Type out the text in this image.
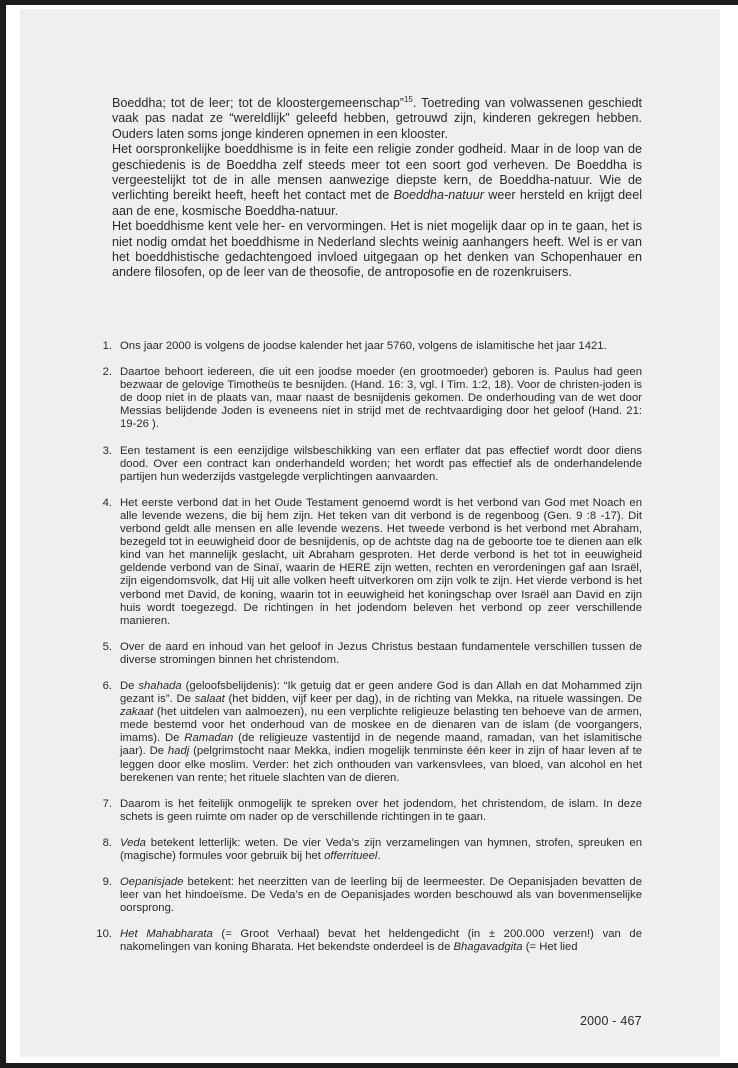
Boeddha; tot de leer; tot de kloostergemeenschap”$^{15}$. Toetreding van volwassenen geschiedt vaak pas nadat ze “wereldlijk” geleefd hebben, getrouwd zijn, kinderen gekregen hebben. Ouders laten soms jonge kinderen opnemen in een klooster.

Het oorspronkelijke boeddhisme is in feite een religie zonder godheid. Maar in de loop van de geschiedenis is de Boeddha zelf steeds meer tot een soort god verheven. De Boeddha is vergeestelijkt tot de in alle mensen aanwezige diepste kern, de Boeddha-natuur. Wie de verlichting bereikt heeft, heeft het contact met de Boeddha-natuur weer hersteld en krijgt deel aan de ene, kosmische Boeddha-natuur.

Het boeddhisme kent vele her- en vervormingen. Het is niet mogelijk daar op in te gaan, het is niet nodig omdat het boeddhisme in Nederland slechts weinig aanhangers heeft. Wel is er van het boeddhistische gedachtengoed invloed uitgegaan op het denken van Schopenhauer en andere filosofen, op de leer van de theosofie, de antroposofie en de rozenkruisers.

1. Ons jaar 2000 is volgens de joodse kalender het jaar 5760, volgens de islamitische het jaar 1421.
2. Daartoe behoort iedereen, die uit een joodse moeder (en grootmoeder) geboren is. Paulus had geen bezwaar de gelovige Timotheüs te besnijden. (Hand. 16: 3, vgl. I Tim. 1:2, 18). Voor de christen-joden is de doop niet in de plaats van, maar naast de besnijdenis gekomen. De onderhouding van de wet door Messias belijdende Joden is eveneens niet in strijd met de rechtvaardiging door het geloof (Hand. 21: 19-26 ).
3. Een testament is een eenzijdige wilsbeschikking van een erflater dat pas effectief wordt door diens dood. Over een contract kan onderhandeld worden; het wordt pas effectief als de onderhandelende partijen hun wederzijds vastgelegde verplichtingen aanvaarden.
4. Het eerste verbond dat in het Oude Testament genoemd wordt is het verbond van God met Noach en alle levende wezens, die bij hem zijn. Het teken van dit verbond is de regenboog (Gen. 9 :8 -17). Dit verbond geldt alle mensen en alle levende wezens. Het tweede verbond is het verbond met Abraham, bezegeld tot in eeuwigheid door de besnijdenis, op de achtste dag na de geboorte toe te dienen aan elk kind van het mannelijk geslacht, uit Abraham gesproten. Het derde verbond is het tot in eeuwigheid geldende verbond van de Sinaï, waarin de HERE zijn wetten, rechten en verordeningen gaf aan Israël, zijn eigendomsvolk, dat Hij uit alle volken heeft uitverkoren om zijn volk te zijn. Het vierde verbond is het verbond met David, de koning, waarin tot in eeuwigheid het koningschap over Israël aan David en zijn huis wordt toegezegd. De richtingen in het jodendom beleven het verbond op zeer verschillende manieren.
5. Over de aard en inhoud van het geloof in Jezus Christus bestaan fundamentele verschillen tussen de diverse stromingen binnen het christendom.
6. De shahada (geloofsbelijdenis): “Ik getuig dat er geen andere God is dan Allah en dat Mohammed zijn gezant is”. De salaat (het bidden, vijf keer per dag), in de richting van Mekka, na rituele wassingen. De zakaat (het uitdelen van aalmoezen), nu een verplichte religieuze belasting ten behoeve van de armen, mede bestemd voor het onderhoud van de moskee en de dienaren van de islam (de voorgangers, imams). De Ramadan (de religieuze vastentijd in de negende maand, ramadan, van het islamitische jaar). De hadj (pelgrimstocht naar Mekka, indien mogelijk tenminste één keer in zijn of haar leven af te leggen door elke moslim. Verder: het zich onthouden van varkensvlees, van bloed, van alcohol en het berekenen van rente; het rituele slachten van de dieren.
7. Daarom is het feitelijk onmogelijk te spreken over het jodendom, het christendom, de islam. In deze schets is geen ruimte om nader op de verschillende richtingen in te gaan.
8. Veda betekent letterlijk: weten. De vier Veda’s zijn verzamelingen van hymnen, strofen, spreuken en (magische) formules voor gebruik bij het offerritueel.
9. Oepanisjade betekent: het neerzitten van de leerling bij de leermeester. De Oepanisjaden bevatten de leer van het hindoeïsme. De Veda’s en de Oepanisjades worden beschouwd als van bovenmenselijke oorsprong.
10. Het Mahabharata (= Groot Verhaal) bevat het heldengedicht (in ± 200.000 verzen!) van de nakomelingen van koning Bharata. Het bekendste onderdeel is de Bhagavadgita (= Het lied
2000 - 467
